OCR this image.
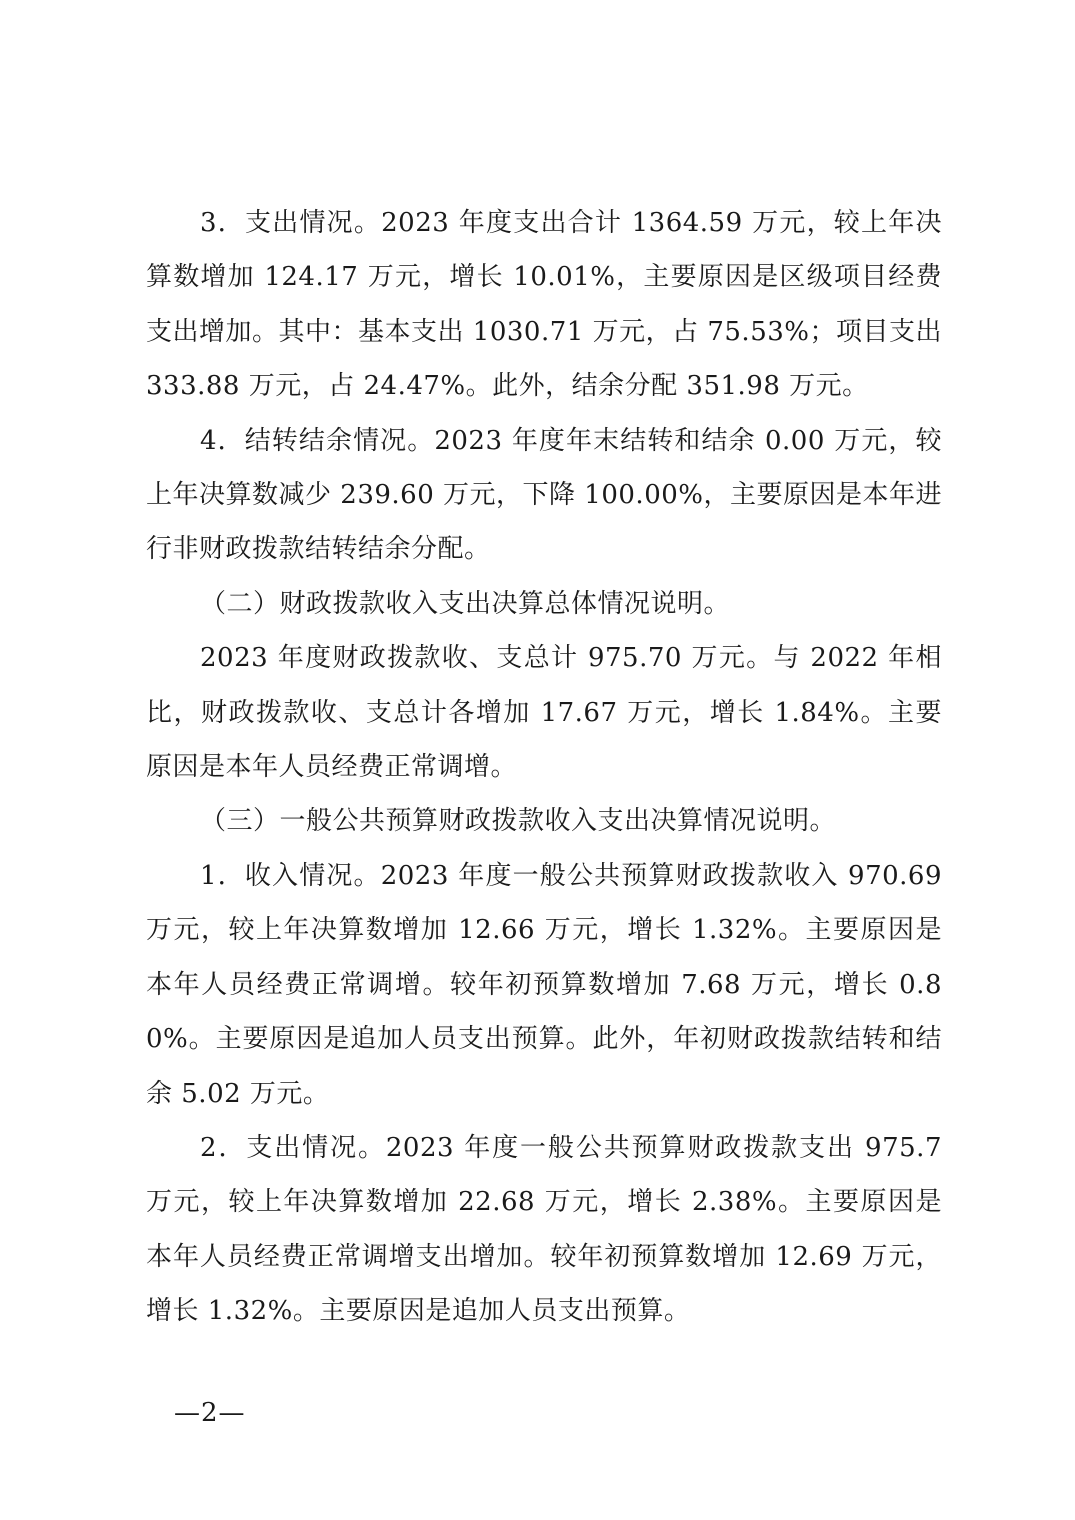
3．支出情况。2023 年度支出合计 1364.59 万元，较上年决算数增加 124.17 万元，增长 10.01%，主要原因是区级项目经费支出增加。其中：基本支出 1030.71 万元，占 75.53%；项目支出 333.88 万元，占 24.47%。此外，结余分配 351.98 万元。

4．结转结余情况。2023 年度年末结转和结余 0.00 万元，较上年决算数减少 239.60 万元，下降 100.00%，主要原因是本年进行非财政拨款结转结余分配。

（二）财政拨款收入支出决算总体情况说明。

2023 年度财政拨款收、支总计 975.70 万元。与 2022 年相比，财政拨款收、支总计各增加 17.67 万元，增长 1.84%。主要原因是本年人员经费正常调增。

（三）一般公共预算财政拨款收入支出决算情况说明。

1．收入情况。2023 年度一般公共预算财政拨款收入 970.69 万元，较上年决算数增加 12.66 万元，增长 1.32%。主要原因是本年人员经费正常调增。较年初预算数增加 7.68 万元，增长 0.80%。主要原因是追加人员支出预算。此外，年初财政拨款结转和结余 5.02 万元。

2．支出情况。2023 年度一般公共预算财政拨款支出 975.7 万元，较上年决算数增加 22.68 万元，增长 2.38%。主要原因是本年人员经费正常调增支出增加。较年初预算数增加 12.69 万元，增长 1.32%。主要原因是追加人员支出预算。

—2—
